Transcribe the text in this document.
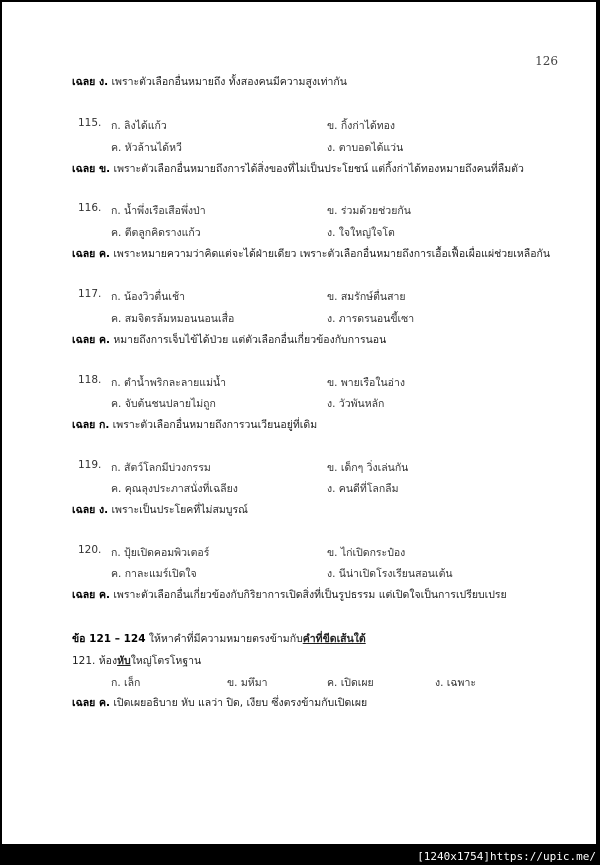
126
เฉลย ง. เพราะตัวเลือกอื่นหมายถึง ทั้งสองคนมีความสูงเท่ากัน
115. ก. ลิงได้แก้ว	ข. กิ้งก่าได้ทอง
ค. หัวล้านได้หวี	ง. ตาบอดได้แว่น
เฉลย ข. เพราะตัวเลือกอื่นหมายถึงการได้สิ่งของที่ไม่เป็นประโยชน์ แต่กิ้งก่าได้ทองหมายถึงคนที่ลืมตัว
116. ก. น้ำพึ่งเรือเสือพึ่งป่า	ข. ร่วมด้วยช่วยกัน
ค. ตีตลูกคิดรางแก้ว	ง. ใจใหญ่ใจโต
เฉลย ค. เพราะหมายความว่าคิดแต่จะได้ฝ่ายเดียว เพราะตัวเลือกอื่นหมายถึงการเอื้อเฟื้อเผื่อแผ่ช่วยเหลือกัน
117. ก. น้องวิวตื่นเช้า	ข. สมรักษ์ตื่นสาย
ค. สมจิตรล้มหมอนนอนเสื่อ	ง. ภารดรนอนขี้เซา
เฉลย ค. หมายถึงการเจ็บไข้ได้ป่วย แต่ตัวเลือกอื่นเกี่ยวข้องกับการนอน
118. ก. ตำน้ำพริกละลายแม่น้ำ	ข. พายเรือในอ่าง
ค. จับต้นชนปลายไม่ถูก	ง. วัวพันหลัก
เฉลย ก. เพราะตัวเลือกอื่นหมายถึงการวนเวียนอยู่ที่เดิม
119. ก. สัตว์โลกมีบ่วงกรรม	ข. เด็กๆ วิ่งเล่นกัน
ค. คุณลุงประภาสนั่งที่เฉลียง	ง. คนดีที่โลกลืม
เฉลย ง. เพราะเป็นประโยคที่ไม่สมบูรณ์
120. ก. ปุ้ยเปิดคอมพิวเตอร์	ข. ไก่เปิดกระป๋อง
ค. กาละแมร์เปิดใจ	ง. นีน่าเปิดโรงเรียนสอนเต้น
เฉลย ค. เพราะตัวเลือกอื่นเกี่ยวข้องกับกิริยาการเปิดสิ่งที่เป็นรูปธรรม แต่เปิดใจเป็นการเปรียบเปรย
ข้อ 121 – 124 ให้หาคำที่มีความหมายตรงข้ามกับคำที่ขีดเส้นใต้
121. ห้องหับใหญ่โตรโหฐาน
ก. เล็ก	ข. มหึมา	ค. เปิดเผย	ง. เฉพาะ
เฉลย ค. เปิดเผยอธิบาย หับ แลว่า ปิด, เงียบ ซึ่งตรงข้ามกับเปิดเผย
[1240x1754]https://upic.me/
